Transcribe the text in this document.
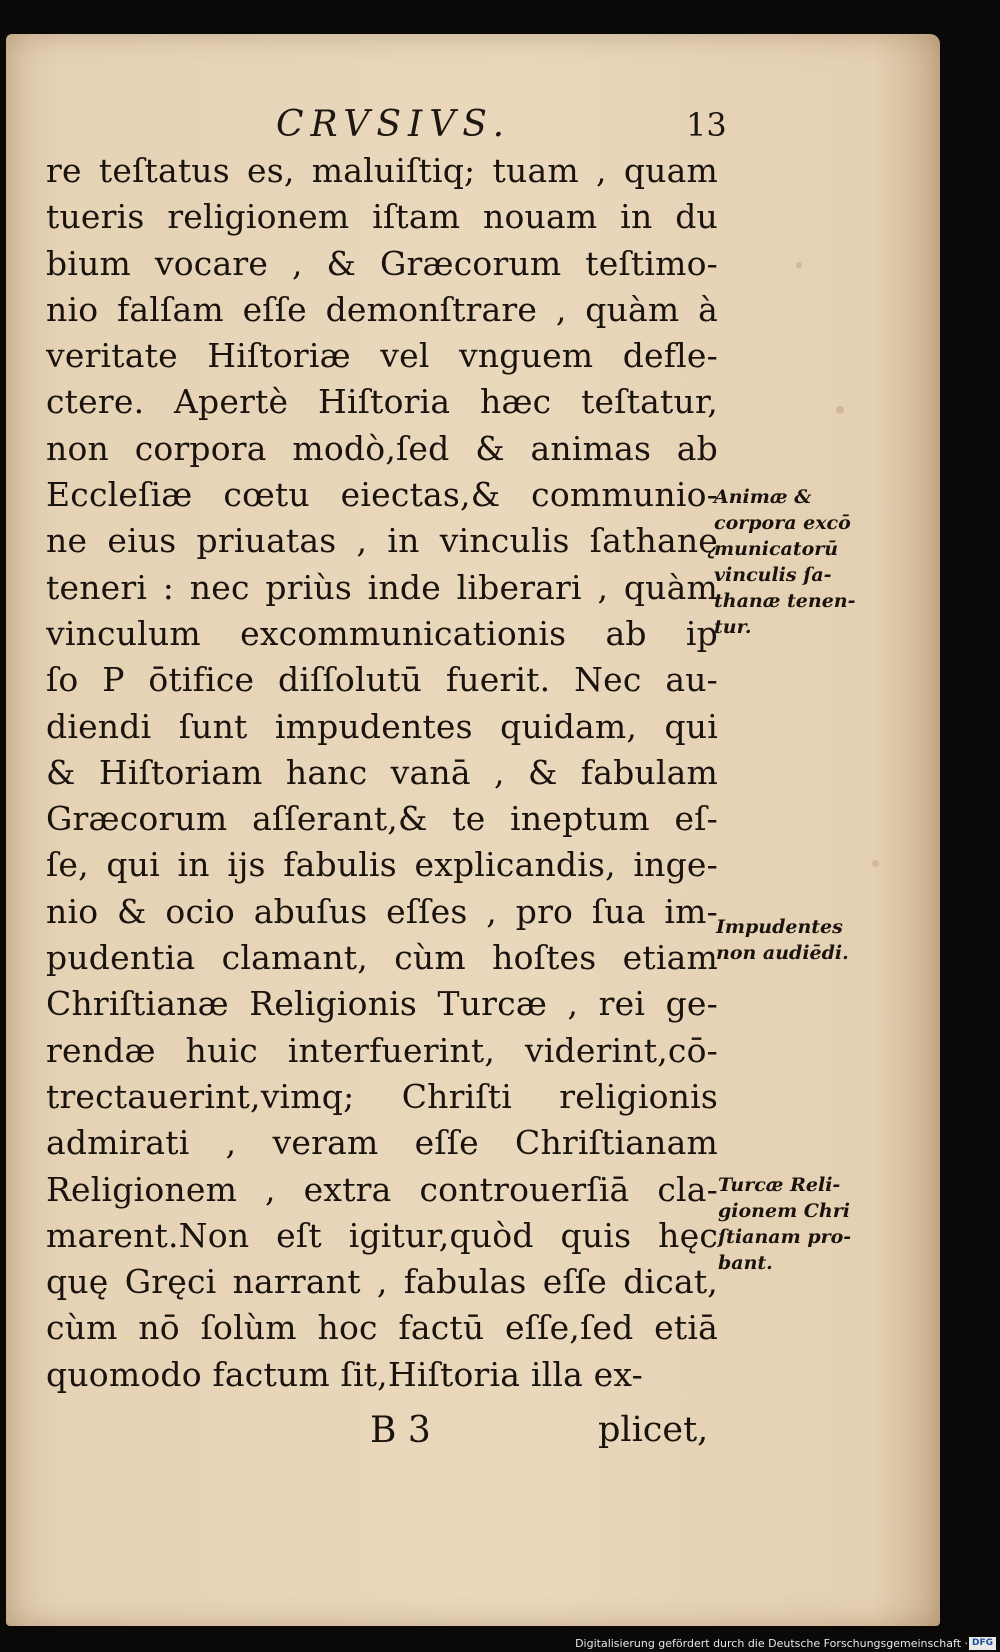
CRVSIVS.	13
re teſtatus es, maluiſtiq; tuam , quam
tueris religionem iſtam nouam in du
bium vocare , & Græcorum teſtimo-
nio falſam eſſe demonſtrare , quàm à
veritate Hiſtoriæ vel vnguem defle-
ctere. Apertè Hiſtoria hæc teſtatur,
non corpora modò,ſed & animas ab
Eccleſiæ cœtu eiectas,& communio-
ne eius priuatas , in vinculis ſathanę
teneri : nec priùs inde liberari , quàm
vinculum excommunicationis ab ip
ſo P ōtifice diſſolutū fuerit. Nec au-
diendi ſunt impudentes quidam, qui
& Hiſtoriam hanc vanā , & fabulam
Græcorum aſſerant,& te ineptum eſ-
ſe, qui in ijs fabulis explicandis, inge-
nio & ocio abuſus eſſes , pro ſua im-
pudentia clamant, cùm hoſtes etiam
Chriſtianæ Religionis Turcæ , rei ge-
rendæ huic interfuerint, viderint,cō-
trectauerint,vimq; Chriſti religionis
admirati , veram eſſe Chriſtianam
Religionem , extra controuerſiā cla-
marent.Non eſt igitur,quòd quis hęc
quę Gręci narrant , fabulas eſſe dicat,
cùm nō ſolùm hoc factū eſſe,ſed etiā
quomodo factum ſit,Hiſtoria illa ex-
Animæ &
corpora excō
municatorū
vinculis ſa-
thanæ tenen-
tur.
Impudentes
non audiēdi.
Turcæ Reli-
gionem Chri
ſtianam pro-
bant.
B 3	plicet,
Digitalisierung gefördert durch die Deutsche Forschungsgemeinschaft · DFG
